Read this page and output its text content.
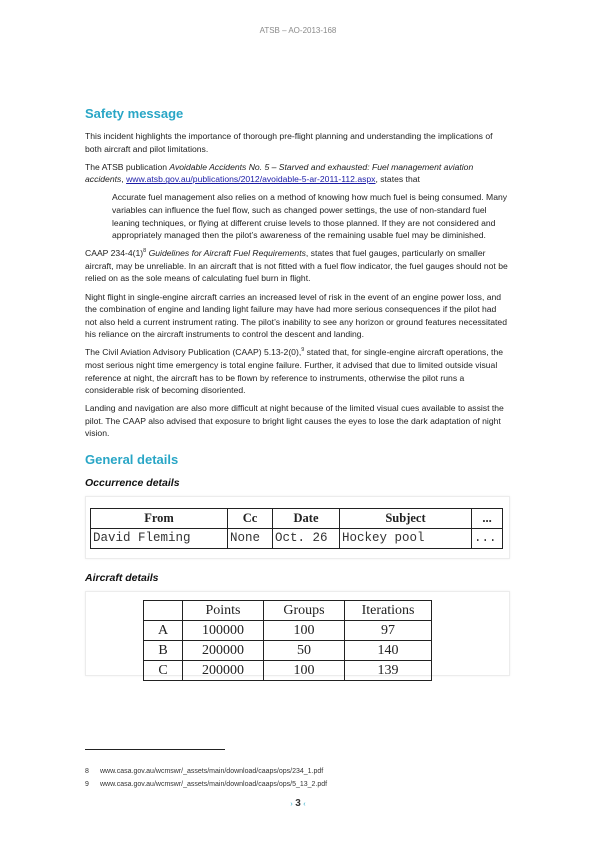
ATSB – AO-2013-168
Safety message

This incident highlights the importance of thorough pre-flight planning and understanding the implications of both aircraft and pilot limitations.

The ATSB publication Avoidable Accidents No. 5 – Starved and exhausted: Fuel management aviation accidents, www.atsb.gov.au/publications/2012/avoidable-5-ar-2011-112.aspx, states that

Accurate fuel management also relies on a method of knowing how much fuel is being consumed. Many variables can influence the fuel flow, such as changed power settings, the use of non-standard fuel leaning techniques, or flying at different cruise levels to those planned. If they are not considered and appropriately managed then the pilot’s awareness of the remaining usable fuel may be diminished.

CAAP $234-4(1)^8$ Guidelines for Aircraft Fuel Requirements, states that fuel gauges, particularly on smaller aircraft, may be unreliable. In an aircraft that is not fitted with a fuel flow indicator, the fuel gauges should not be relied on as the sole means of calculating fuel burn in flight.

Night flight in single-engine aircraft carries an increased level of risk in the event of an engine power loss, and the combination of engine and landing light failure may have had more serious consequences if the pilot had not also held a current instrument rating. The pilot’s inability to see any horizon or ground features necessitated his reliance on the aircraft instruments to control the descent and landing.

The Civil Aviation Advisory Publication (CAAP) 5.13-2(0),$^9$ stated that, for single-engine aircraft operations, the most serious night time emergency is total engine failure. Further, it advised that due to limited outside visual reference at night, the aircraft has to be flown by reference to instruments, otherwise the pilot runs a considerable risk of becoming disoriented.

Landing and navigation are also more difficult at night because of the limited visual cues available to assist the pilot. The CAAP also advised that exposure to bright light causes the eyes to lose the dark adaptation of night vision.

General details
Occurrence details
From	Cc	Date	Subject	...
David Fleming	None	Oct. 26	Hockey pool	...
Aircraft details
	Points	Groups	Iterations
A	100000	100	97
B	200000	50	140
C	200000	100	139
8 www.casa.gov.au/wcmswr/_assets/main/download/caaps/ops/234_1.pdf
9 www.casa.gov.au/wcmswr/_assets/main/download/caaps/ops/5_13_2.pdf
› 3 ‹
